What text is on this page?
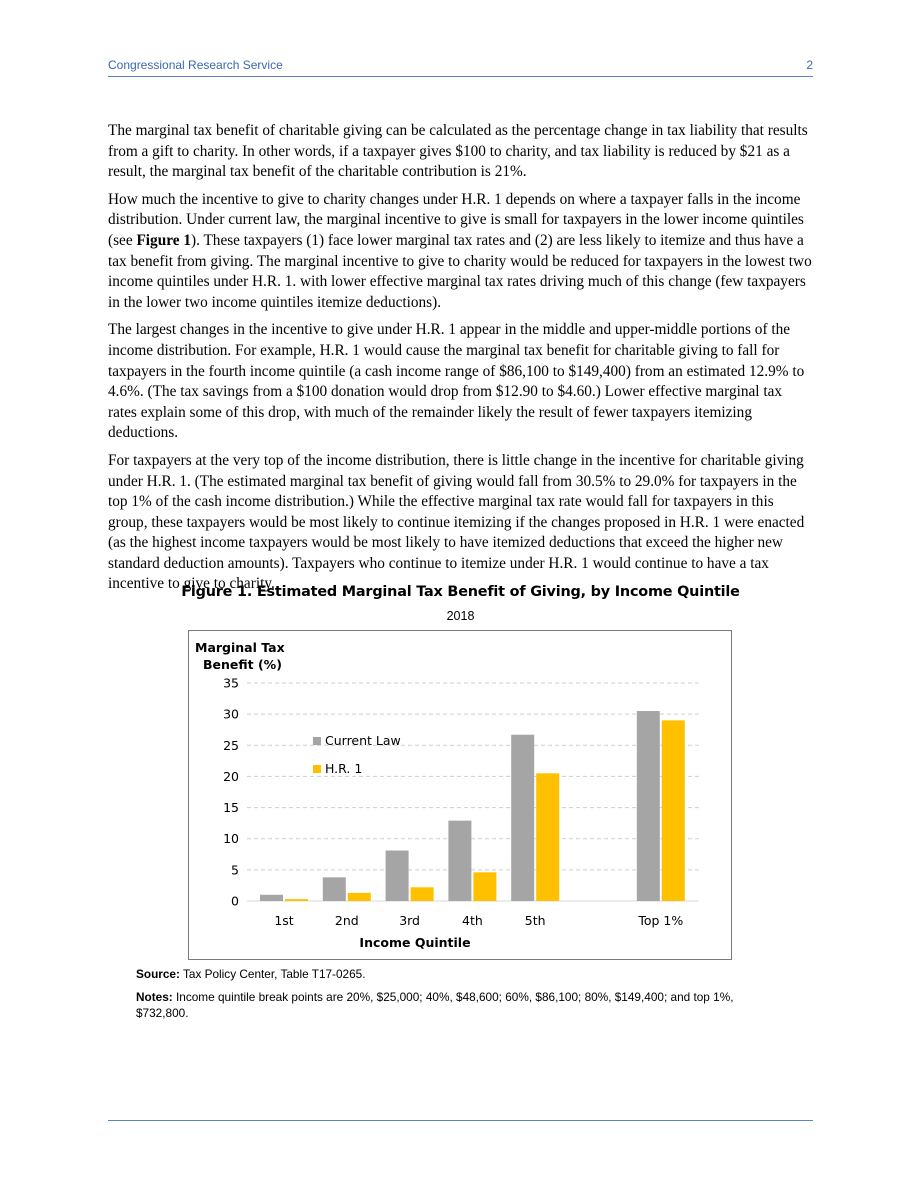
Congressional Research Service	2

The marginal tax benefit of charitable giving can be calculated as the percentage change in tax liability that results from a gift to charity. In other words, if a taxpayer gives $100 to charity, and tax liability is reduced by $21 as a result, the marginal tax benefit of the charitable contribution is 21%.

How much the incentive to give to charity changes under H.R. 1 depends on where a taxpayer falls in the income distribution. Under current law, the marginal incentive to give is small for taxpayers in the lower income quintiles (see Figure 1). These taxpayers (1) face lower marginal tax rates and (2) are less likely to itemize and thus have a tax benefit from giving. The marginal incentive to give to charity would be reduced for taxpayers in the lowest two income quintiles under H.R. 1. with lower effective marginal tax rates driving much of this change (few taxpayers in the lower two income quintiles itemize deductions).

The largest changes in the incentive to give under H.R. 1 appear in the middle and upper-middle portions of the income distribution. For example, H.R. 1 would cause the marginal tax benefit for charitable giving to fall for taxpayers in the fourth income quintile (a cash income range of $86,100 to $149,400) from an estimated 12.9% to 4.6%. (The tax savings from a $100 donation would drop from $12.90 to $4.60.) Lower effective marginal tax rates explain some of this drop, with much of the remainder likely the result of fewer taxpayers itemizing deductions.

For taxpayers at the very top of the income distribution, there is little change in the incentive for charitable giving under H.R. 1. (The estimated marginal tax benefit of giving would fall from 30.5% to 29.0% for taxpayers in the top 1% of the cash income distribution.) While the effective marginal tax rate would fall for taxpayers in this group, these taxpayers would be most likely to continue itemizing if the changes proposed in H.R. 1 were enacted (as the highest income taxpayers would be most likely to have itemized deductions that exceed the higher new standard deduction amounts). Taxpayers who continue to itemize under H.R. 1 would continue to have a tax incentive to give to charity.

Figure 1. Estimated Marginal Tax Benefit of Giving, by Income Quintile
2018
Marginal Tax
Benefit (%)
0
5
10
15
20
25
30
35
1st	2nd	3rd	4th	5th	Top 1%
Income Quintile
Current Law
H.R. 1
Source: Tax Policy Center, Table T17-0265.
Notes: Income quintile break points are 20%, $25,000; 40%, $48,600; 60%, $86,100; 80%, $149,400; and top 1%, $732,800.
